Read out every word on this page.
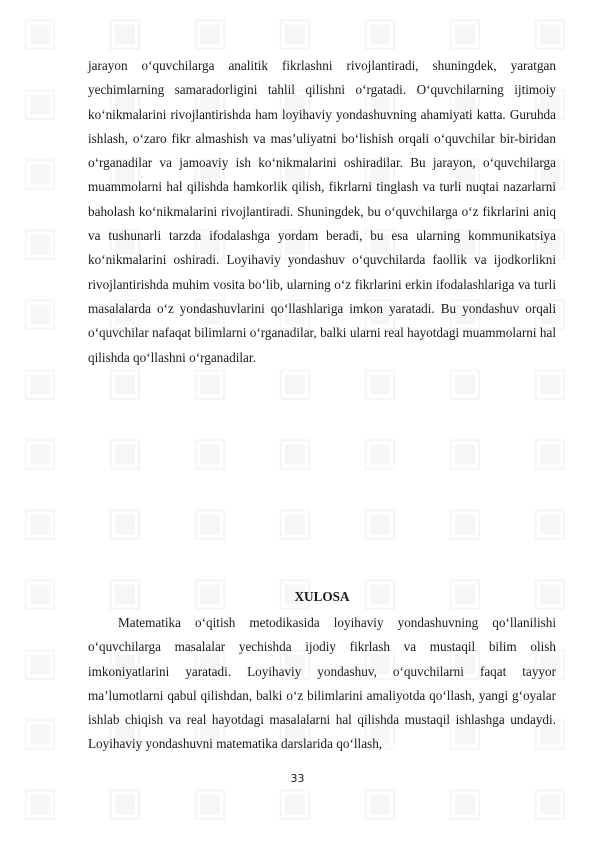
jarayon o‘quvchilarga analitik fikrlashni rivojlantiradi, shuningdek, yaratgan yechimlarning samaradorligini tahlil qilishni o‘rgatadi. O‘quvchilarning ijtimoiy ko‘nikmalarini rivojlantirishda ham loyihaviy yondashuvning ahamiyati katta. Guruhda ishlash, o‘zaro fikr almashish va mas’uliyatni bo‘lishish orqali o‘quvchilar bir-biridan o‘rganadilar va jamoaviy ish ko‘nikmalarini oshiradilar. Bu jarayon, o‘quvchilarga muammolarni hal qilishda hamkorlik qilish, fikrlarni tinglash va turli nuqtai nazarlarni baholash ko‘nikmalarini rivojlantiradi. Shuningdek, bu o‘quvchilarga o‘z fikrlarini aniq va tushunarli tarzda ifodalashga yordam beradi, bu esa ularning kommunikatsiya ko‘nikmalarini oshiradi. Loyihaviy yondashuv o‘quvchilarda faollik va ijodkorlikni rivojlantirishda muhim vosita bo‘lib, ularning o‘z fikrlarini erkin ifodalashlariga va turli masalalarda o‘z yondashuvlarini qo‘llashlariga imkon yaratadi. Bu yondashuv orqali o‘quvchilar nafaqat bilimlarni o‘rganadilar, balki ularni real hayotdagi muammolarni hal qilishda qo‘llashni o‘rganadilar.

XULOSA

Matematika o‘qitish metodikasida loyihaviy yondashuvning qo‘llanilishi o‘quvchilarga masalalar yechishda ijodiy fikrlash va mustaqil bilim olish imkoniyatlarini yaratadi. Loyihaviy yondashuv, o‘quvchilarni faqat tayyor ma’lumotlarni qabul qilishdan, balki o‘z bilimlarini amaliyotda qo‘llash, yangi g‘oyalar ishlab chiqish va real hayotdagi masalalarni hal qilishda mustaqil ishlashga undaydi. Loyihaviy yondashuvni matematika darslarida qo‘llash,

33
